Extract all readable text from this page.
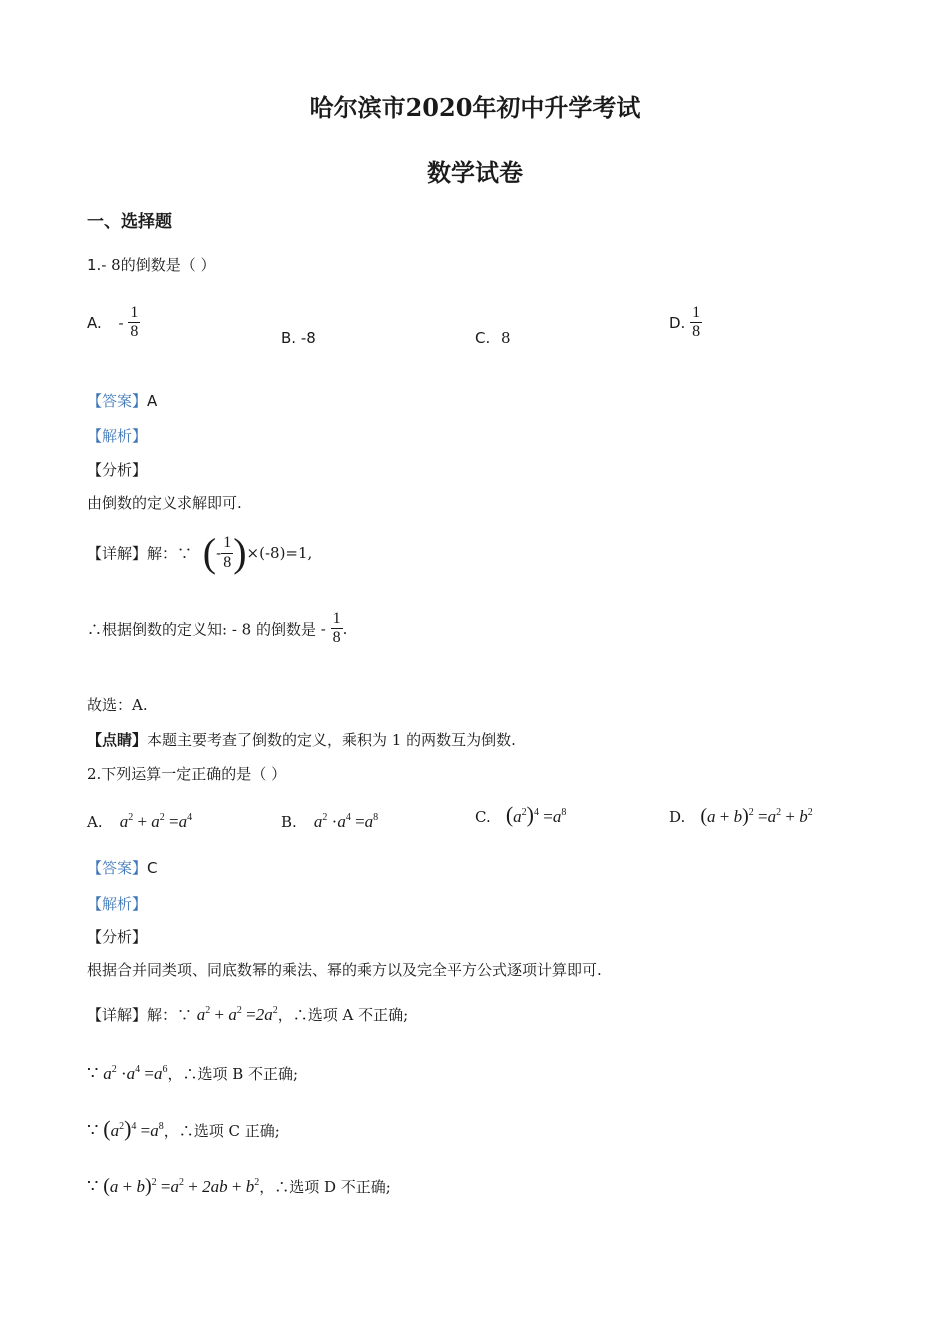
哈尔滨市2020年初中升学考试
数学试卷
一、选择题
1.- 8的倒数是（ ）
A. - $\frac{1}{8}$	B. -8	C. 8
D. $\frac{1}{8}$
【答案】A
【解析】
【分析】
由倒数的定义求解即可.
【详解】解：∵ (- $\frac{1}{8} )\times(-8)=1$,
∴根据倒数的定义知: - 8 的倒数是 - $\frac{1}{8}$ .
故选：A.
【点睛】本题主要考查了倒数的定义，乘积为 1 的两数互为倒数.
2.下列运算一定正确的是（ ）
A. $a^2 + a^2 =a^4$	B. $a^2 \cdot a^4 =a^8$	C. $(a^2)^4 =a^8$	D. $(a + b)^2 =a^2 + b^2$
【答案】C
【解析】
【分析】
根据合并同类项、同底数幂的乘法、幂的乘方以及完全平方公式逐项计算即可.
【详解】解：∵ $a^2 + a^2 =2a^2$，∴选项 A 不正确;
∵ $a^2 \cdot a^4 =a^6$，∴选项 B 不正确;
∵ $(a^2)^4 =a^8$，∴选项 C 正确;
∵ $(a + b)^2 =a^2 + 2ab + b^2$，∴选项 D 不正确;
